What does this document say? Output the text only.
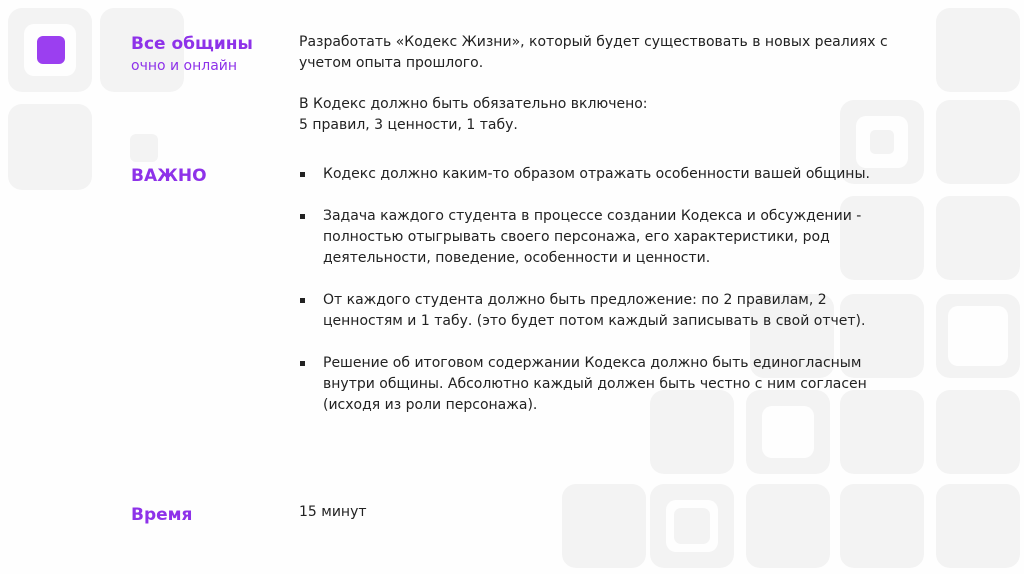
Все общины
очно и онлайн
Разработать «Кодекс Жизни», который будет существовать в новых реалиях с
учетом опыта прошлого.
В Кодекс должно быть обязательно включено:
5 правил, 3 ценности, 1 табу.
ВАЖНО	Кодекс должно каким-то образом отражать особенности вашей общины.
Задача каждого студента в процессе создании Кодекса и обсуждении - полностью отыгрывать своего персонажа, его характеристики, род деятельности, поведение, особенности и ценности.
От каждого студента должно быть предложение: по 2 правилам, 2 ценностям и 1 табу. (это будет потом каждый записывать в свой отчет).
Решение об итоговом содержании Кодекса должно быть единогласным внутри общины. Абсолютно каждый должен быть честно с ним согласен (исходя из роли персонажа).
Время	15 минут
